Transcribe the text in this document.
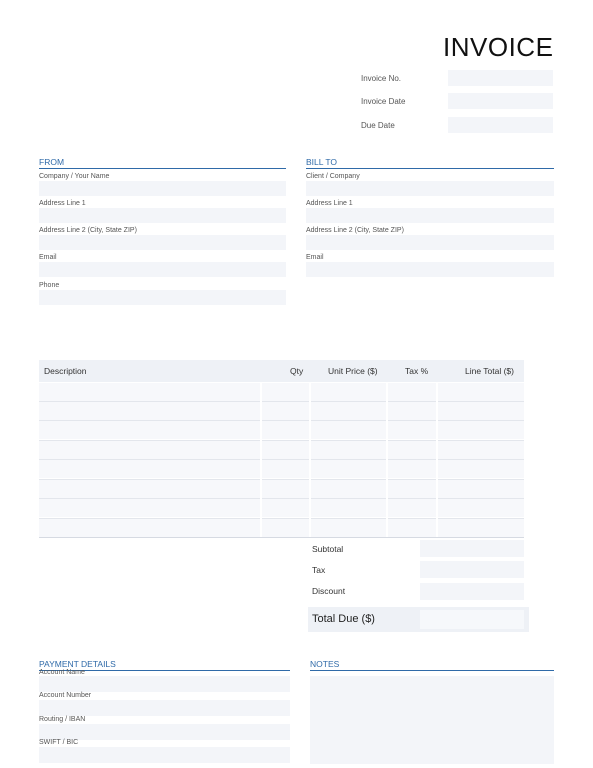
INVOICE
Invoice No.
Invoice Date
Due Date
FROM
Company / Your Name
Address Line 1
Address Line 2 (City, State ZIP)
Email
Phone
BILL TO
Client / Company
Address Line 1
Address Line 2 (City, State ZIP)
Email
Description	Qty	Unit Price ($)	Tax %	Line Total ($)
Subtotal
Tax
Discount
Total Due ($)
PAYMENT DETAILS
Account Name
Account Number
Routing / IBAN
SWIFT / BIC
NOTES
